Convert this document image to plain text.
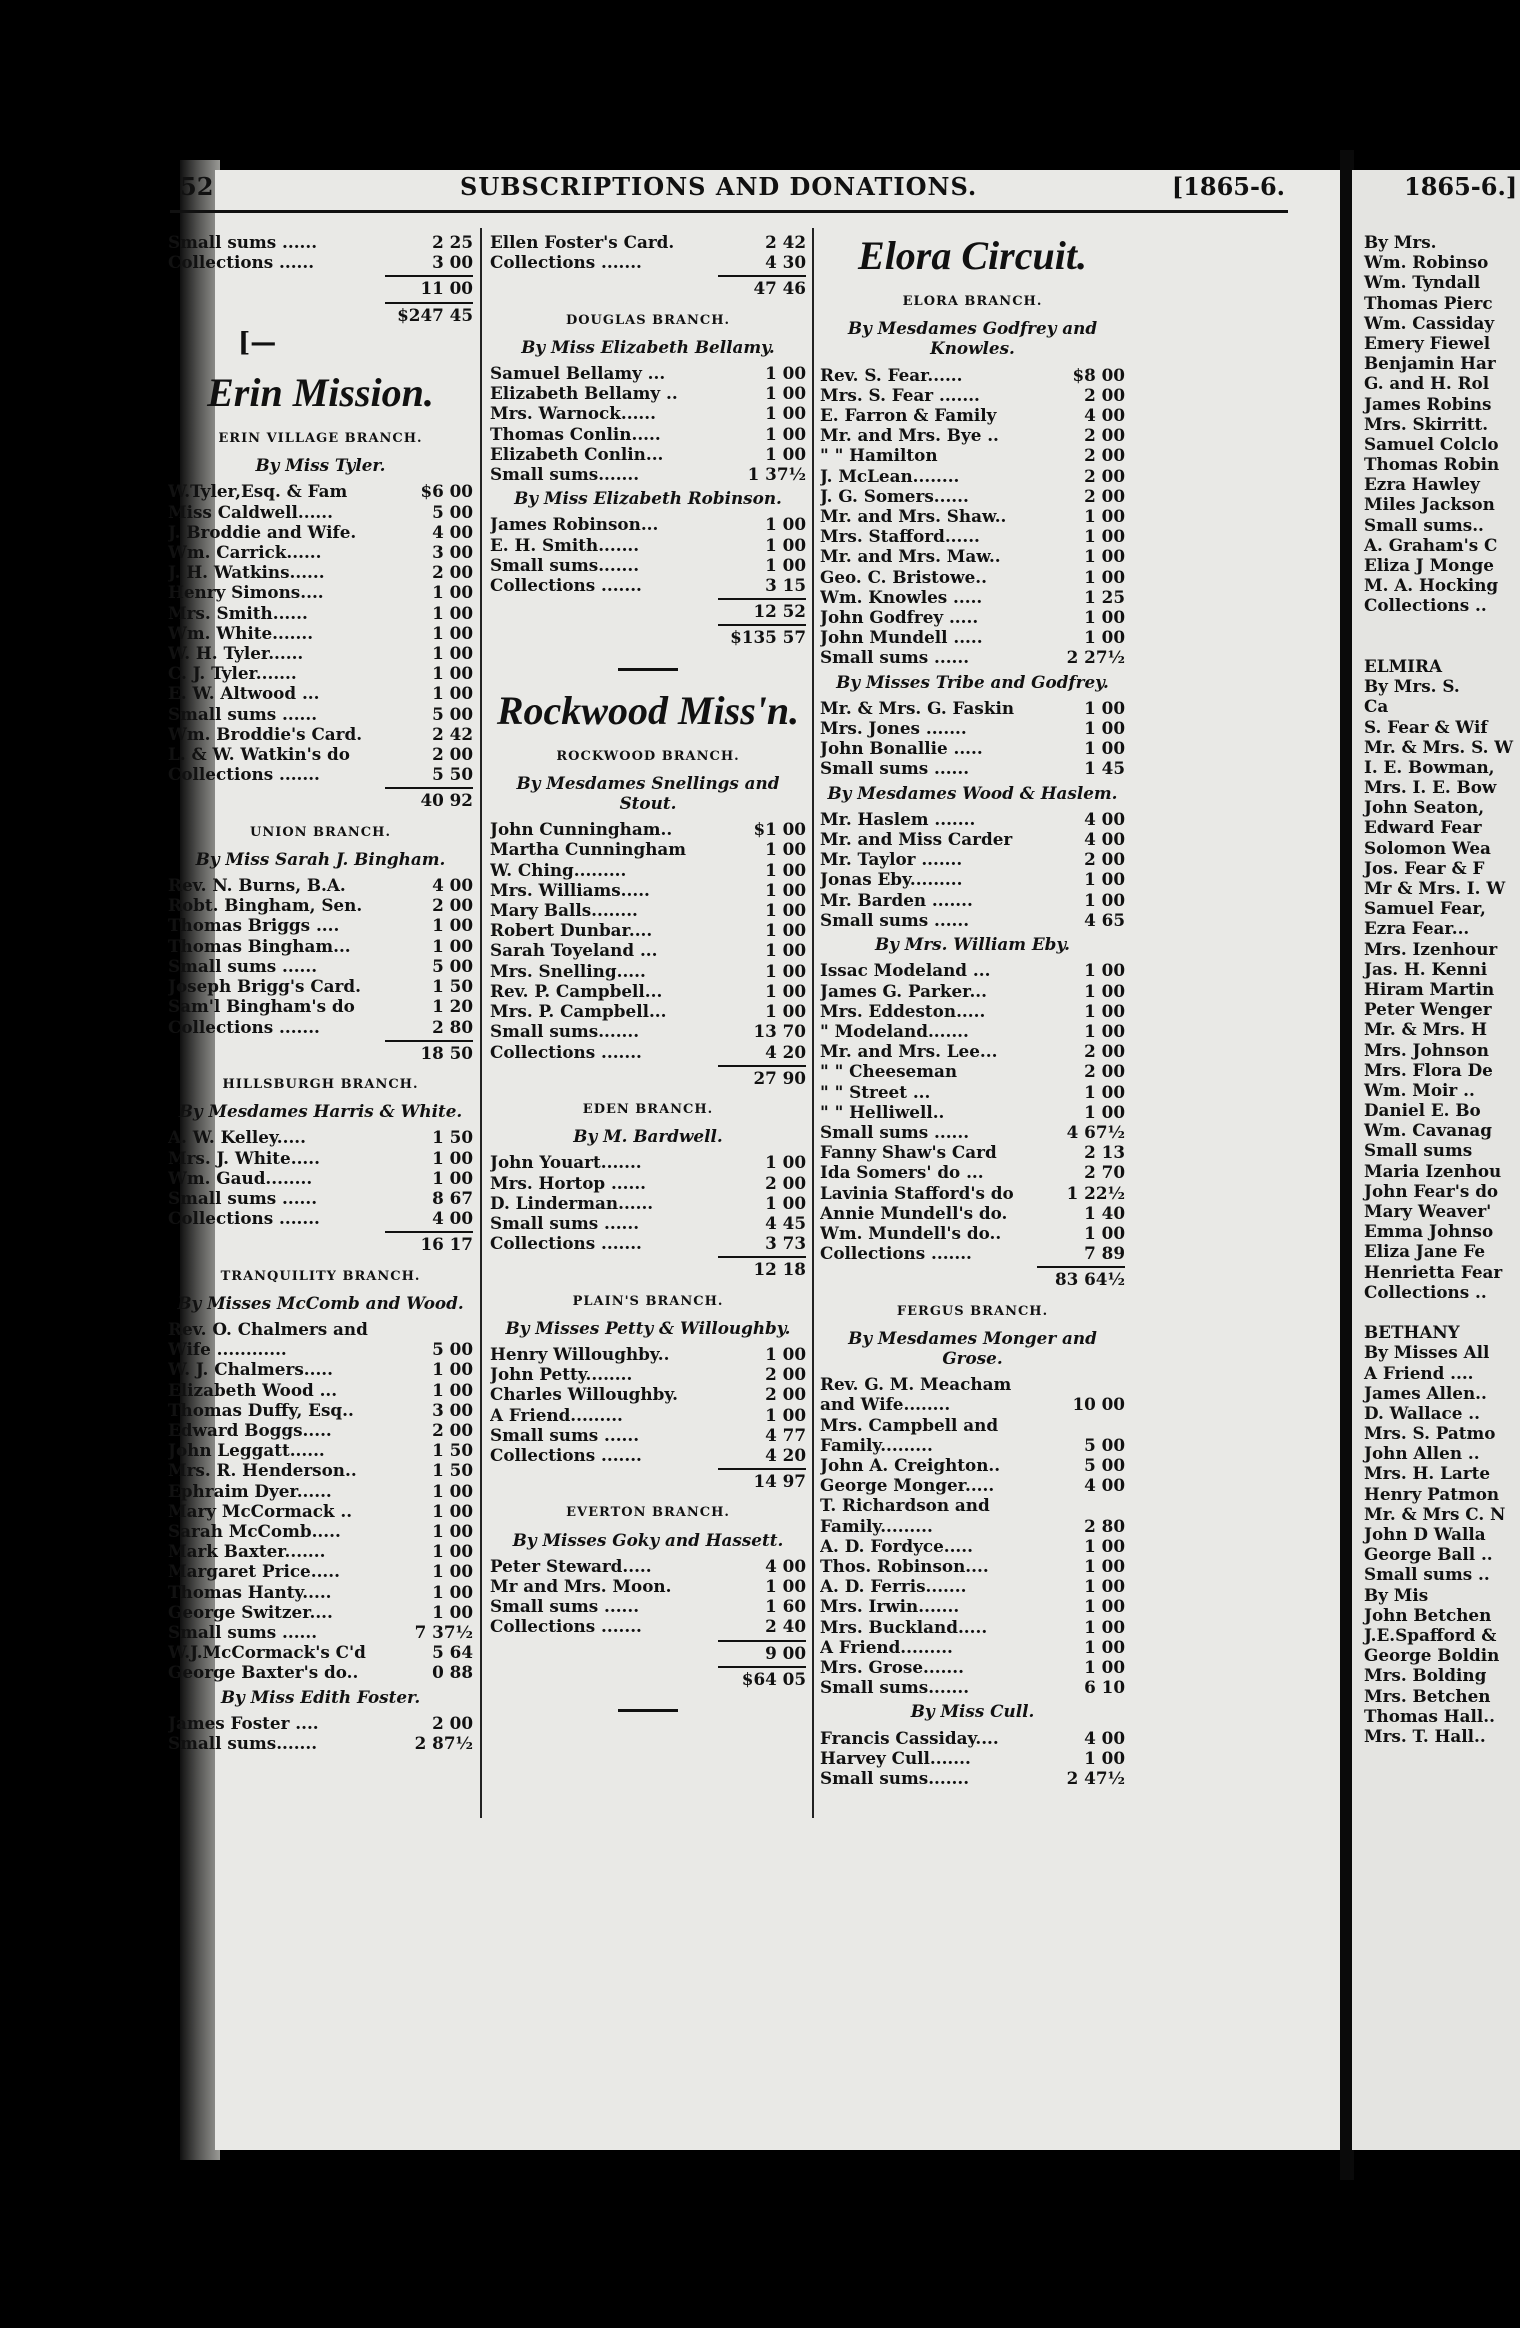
52	SUBSCRIPTIONS AND DONATIONS.	[1865-6.
Small sums ......	2 25
Collections ......	3 00
11 00
$247 45
[—
Erin Mission.
ERIN VILLAGE BRANCH.
By Miss Tyler.
W.Tyler,Esq. & Fam	$6 00
Miss Caldwell......	5 00
J. Broddie and Wife.	4 00
Wm. Carrick......	3 00
J. H. Watkins......	2 00
Henry Simons....	1 00
Mrs. Smith......	1 00
Wm. White.......	1 00
W. H. Tyler......	1 00
C. J. Tyler.......	1 00
E. W. Altwood ...	1 00
Small sums ......	5 00
Wm. Broddie's Card.	2 42
L. & W. Watkin's do	2 00
Collections .......	5 50
40 92
UNION BRANCH.
By Miss Sarah J. Bingham.
Rev. N. Burns, B.A.	4 00
Robt. Bingham, Sen.	2 00
Thomas Briggs ....	1 00
Thomas Bingham...	1 00
Small sums ......	5 00
Joseph Brigg's Card.	1 50
Sam'l Bingham's do	1 20
Collections .......	2 80
18 50
HILLSBURGH BRANCH.
By Mesdames Harris & White.
A. W. Kelley.....	1 50
Mrs. J. White.....	1 00
Wm. Gaud........	1 00
Small sums ......	8 67
Collections .......	4 00
16 17
TRANQUILITY BRANCH.
By Misses McComb and Wood.
Rev. O. Chalmers and
Wife ............	5 00
W. J. Chalmers.....	1 00
Elizabeth Wood ...	1 00
Thomas Duffy, Esq..	3 00
Edward Boggs.....	2 00
John Leggatt......	1 50
Mrs. R. Henderson..	1 50
Ephraim Dyer......	1 00
Mary McCormack ..	1 00
Sarah McComb.....	1 00
Mark Baxter.......	1 00
Margaret Price.....	1 00
Thomas Hanty.....	1 00
George Switzer....	1 00
Small sums ......	7 37½
W.J.McCormack's C'd	5 64
George Baxter's do..	0 88
By Miss Edith Foster.
James Foster ....	2 00
Small sums.......	2 87½
Ellen Foster's Card.	2 42
Collections .......	4 30
47 46
DOUGLAS BRANCH.
By Miss Elizabeth Bellamy.
Samuel Bellamy ...	1 00
Elizabeth Bellamy ..	1 00
Mrs. Warnock......	1 00
Thomas Conlin.....	1 00
Elizabeth Conlin...	1 00
Small sums.......	1 37½
By Miss Elizabeth Robinson.
James Robinson...	1 00
E. H. Smith.......	1 00
Small sums.......	1 00
Collections .......	3 15
12 52
$135 57
Rockwood Miss'n.
ROCKWOOD BRANCH.
By Mesdames Snellings and Stout.
John Cunningham..	$1 00
Martha Cunningham	1 00
W. Ching.........	1 00
Mrs. Williams.....	1 00
Mary Balls........	1 00
Robert Dunbar....	1 00
Sarah Toyeland ...	1 00
Mrs. Snelling.....	1 00
Rev. P. Campbell...	1 00
Mrs. P. Campbell...	1 00
Small sums.......	13 70
Collections .......	4 20
27 90
EDEN BRANCH.
By M. Bardwell.
John Youart.......	1 00
Mrs. Hortop ......	2 00
D. Linderman......	1 00
Small sums ......	4 45
Collections .......	3 73
12 18
PLAIN'S BRANCH.
By Misses Petty & Willoughby.
Henry Willoughby..	1 00
John Petty........	2 00
Charles Willoughby.	2 00
A Friend.........	1 00
Small sums ......	4 77
Collections .......	4 20
14 97
EVERTON BRANCH.
By Misses Goky and Hassett.
Peter Steward.....	4 00
Mr and Mrs. Moon.	1 00
Small sums ......	1 60
Collections .......	2 40
9 00
$64 05
Elora Circuit.
ELORA BRANCH.
By Mesdames Godfrey and Knowles.
Rev. S. Fear......	$8 00
Mrs. S. Fear .......	2 00
E. Farron & Family	4 00
Mr. and Mrs. Bye ..	2 00
" " Hamilton	2 00
J. McLean........	2 00
J. G. Somers......	2 00
Mr. and Mrs. Shaw..	1 00
Mrs. Stafford......	1 00
Mr. and Mrs. Maw..	1 00
Geo. C. Bristowe..	1 00
Wm. Knowles .....	1 25
John Godfrey .....	1 00
John Mundell .....	1 00
Small sums ......	2 27½
By Misses Tribe and Godfrey.
Mr. & Mrs. G. Faskin	1 00
Mrs. Jones .......	1 00
John Bonallie .....	1 00
Small sums ......	1 45
By Mesdames Wood & Haslem.
Mr. Haslem .......	4 00
Mr. and Miss Carder	4 00
Mr. Taylor .......	2 00
Jonas Eby.........	1 00
Mr. Barden .......	1 00
Small sums ......	4 65
By Mrs. William Eby.
Issac Modeland ...	1 00
James G. Parker...	1 00
Mrs. Eddeston.....	1 00
" Modeland.......	1 00
Mr. and Mrs. Lee...	2 00
" " Cheeseman	2 00
" " Street ...	1 00
" " Helliwell..	1 00
Small sums ......	4 67½
Fanny Shaw's Card	2 13
Ida Somers' do ...	2 70
Lavinia Stafford's do	1 22½
Annie Mundell's do.	1 40
Wm. Mundell's do..	1 00
Collections .......	7 89
83 64½
FERGUS BRANCH.
By Mesdames Monger and Grose.
Rev. G. M. Meacham
and Wife........	10 00
Mrs. Campbell and
Family.........	5 00
John A. Creighton..	5 00
George Monger.....	4 00
T. Richardson and
Family.........	2 80
A. D. Fordyce.....	1 00
Thos. Robinson....	1 00
A. D. Ferris.......	1 00
Mrs. Irwin.......	1 00
Mrs. Buckland.....	1 00
A Friend.........	1 00
Mrs. Grose.......	1 00
Small sums.......	6 10
By Miss Cull.
Francis Cassiday....	4 00
Harvey Cull.......	1 00
Small sums.......	2 47½
1865-6.]
By Mrs.
Wm. Robinso
Wm. Tyndall
Thomas Pierc
Wm. Cassiday
Emery Fiewel
Benjamin Har
G. and H. Rol
James Robins
Mrs. Skirritt.
Samuel Colclo
Thomas Robin
Ezra Hawley
Miles Jackson
Small sums..
A. Graham's C
Eliza J Monge
M. A. Hocking
Collections ..
ELMIRA
By Mrs. S.
Ca
S. Fear & Wif
Mr. & Mrs. S. W
I. E. Bowman,
Mrs. I. E. Bow
John Seaton,
Edward Fear
Solomon Wea
Jos. Fear & F
Mr & Mrs. I. W
Samuel Fear,
Ezra Fear...
Mrs. Izenhour
Jas. H. Kenni
Hiram Martin
Peter Wenger
Mr. & Mrs. H
Mrs. Johnson
Mrs. Flora De
Wm. Moir ..
Daniel E. Bo
Wm. Cavanag
Small sums
Maria Izenhou
John Fear's do
Mary Weaver'
Emma Johnso
Eliza Jane Fe
Henrietta Fear
Collections ..
BETHANY
By Misses All
A Friend ....
James Allen..
D. Wallace ..
Mrs. S. Patmo
John Allen ..
Mrs. H. Larte
Henry Patmon
Mr. & Mrs C. N
John D Walla
George Ball ..
Small sums ..
By Mis
John Betchen
J.E.Spafford &
George Boldin
Mrs. Bolding
Mrs. Betchen
Thomas Hall..
Mrs. T. Hall..
